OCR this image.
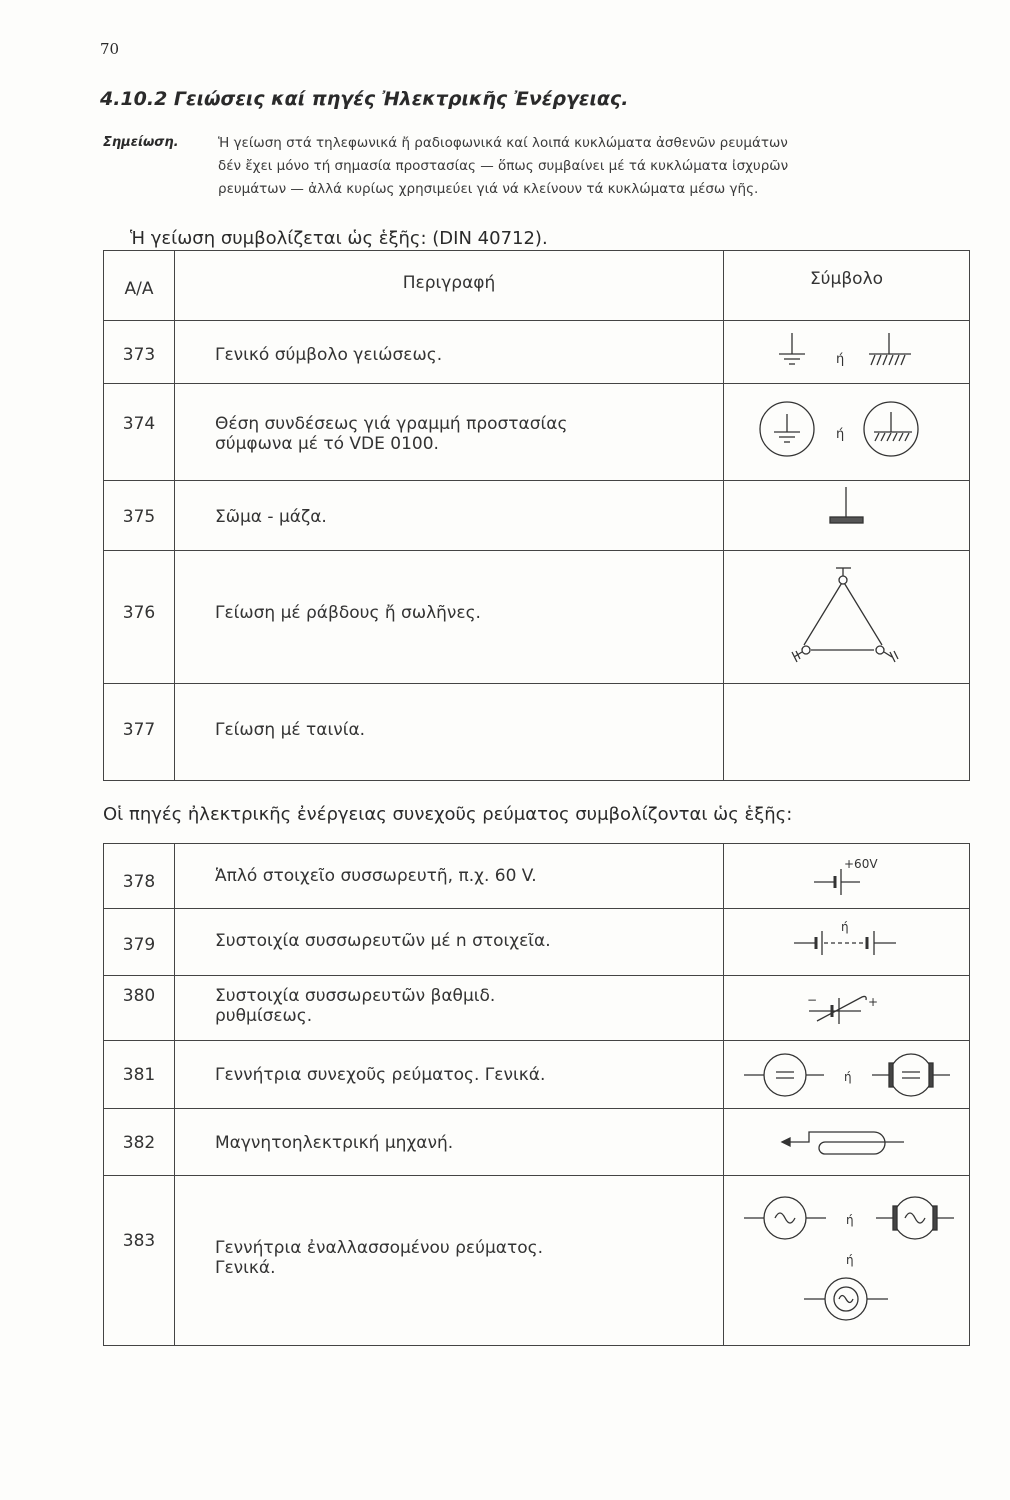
70
4.10.2 Γειώσεις καί πηγές Ἠλεκτρικῆς Ἐνέργειας.
Σημείωση.	Ἡ γείωση στά τηλεφωνικά ἤ ραδιοφωνικά καί λοιπά κυκλώματα ἀσθενῶν ρευμάτων
δέν ἔχει μόνο τή σημασία προστασίας — ὅπως συμβαίνει μέ τά κυκλώματα ἰσχυρῶν
ρευμάτων — ἀλλά κυρίως χρησιμεύει γιά νά κλείνουν τά κυκλώματα μέσω γῆς.
Ἡ γείωση συμβολίζεται ὡς ἑξῆς: (DIN 40712).
Α/Α	Περιγραφή	Σύμβολο
373	Γενικό σύμβολο γειώσεως.	ή

374	Θέση συνδέσεως γιά γραμμή προστασίας
σύμφωνα μέ τό VDE 0100.	ή

375	Σῶμα - μάζα.	

376	Γείωση μέ ράβδους ἤ σωλῆνες.	

377	Γείωση μέ ταινία.	
Οἱ πηγές ἠλεκτρικῆς ἐνέργειας συνεχοῦς ρεύματος συμβολίζονται ὡς ἑξῆς:
378	Ἁπλό στοιχεῖο συσσωρευτῆ, π.χ. 60 V.	+60V

379	Συστοιχία συσσωρευτῶν μέ n στοιχεῖα.	ή

380	Συστοιχία συσσωρευτῶν βαθμιδ.
ρυθμίσεως.	− +

381	Γεννήτρια συνεχοῦς ρεύματος. Γενικά.	ή

382	Μαγνητοηλεκτρική μηχανή.	

383	Γεννήτρια ἐναλλασσομένου ρεύματος.
Γενικά.	ή
ή
